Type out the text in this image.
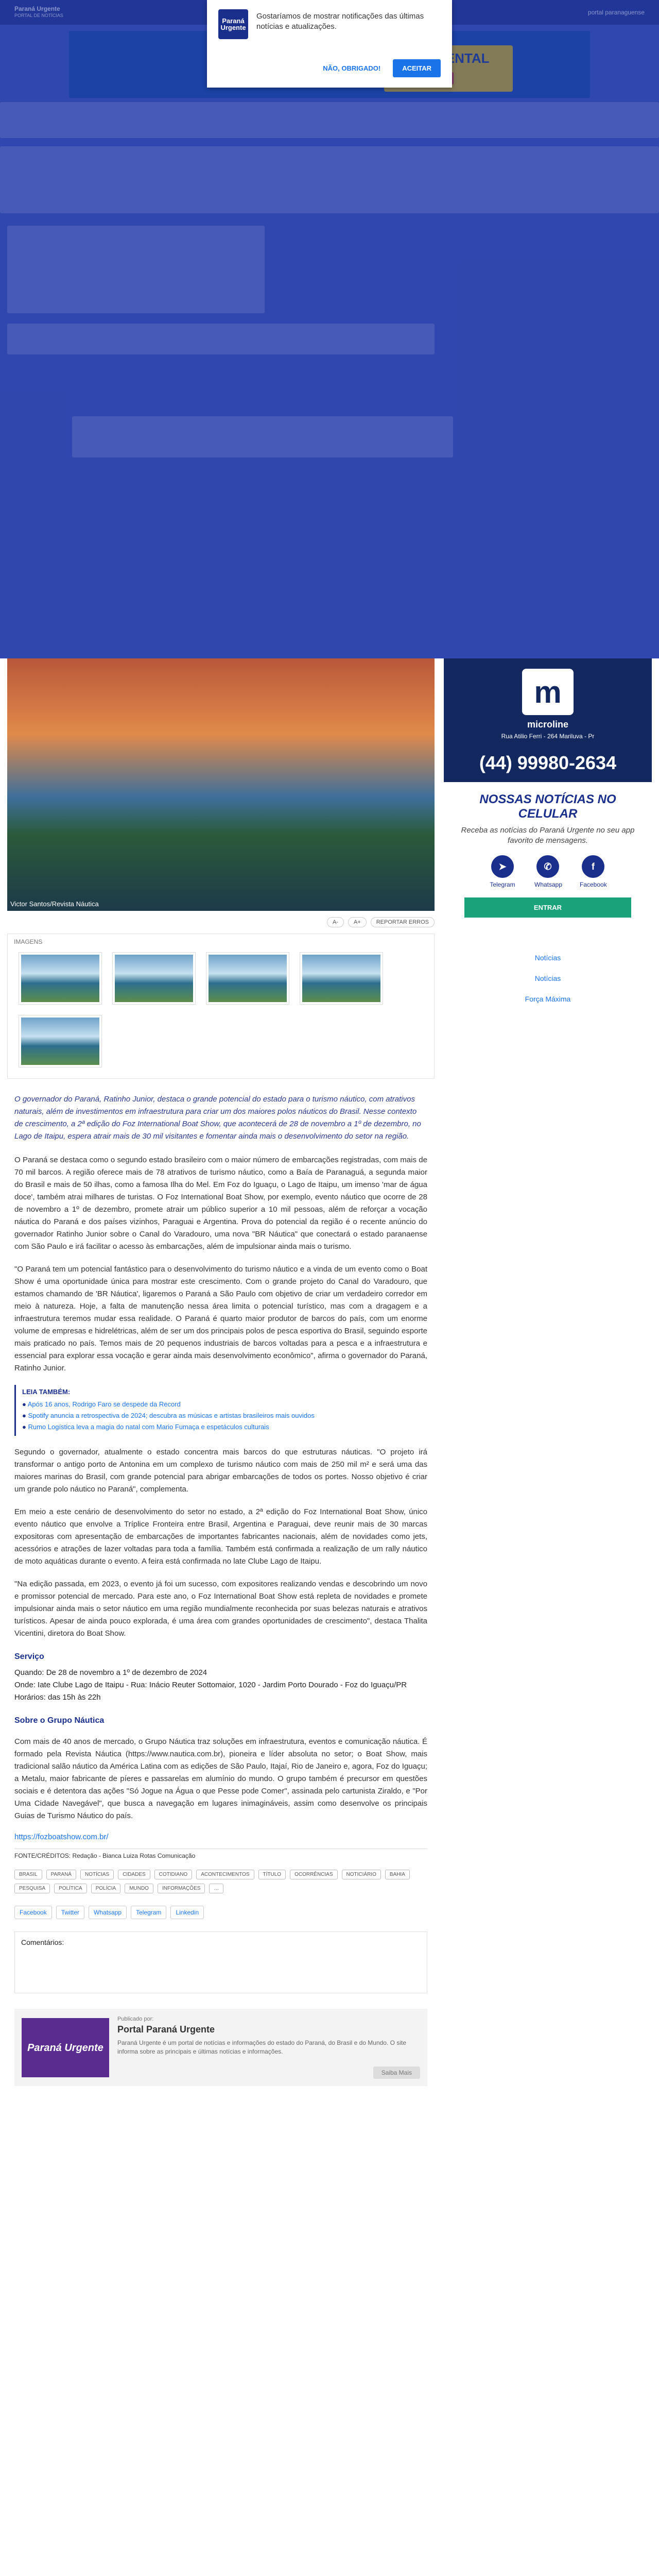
Paraná Urgente
Gostaríamos de mostrar notificações das últimas notícias e atualizações.
NÃO, OBRIGADO!	ACEITAR
Victor Santos/Revista Náutica
A-	A+	REPORTAR ERROS
IMAGENS

O governador do Paraná, Ratinho Junior, destaca o grande potencial do estado para o turismo náutico, com atrativos naturais, além de investimentos em infraestrutura para criar um dos maiores polos náuticos do Brasil. Nesse contexto de crescimento, a 2ª edição do Foz International Boat Show, que acontecerá de 28 de novembro a 1º de dezembro, no Lago de Itaipu, espera atrair mais de 30 mil visitantes e fomentar ainda mais o desenvolvimento do setor na região.

O Paraná se destaca como o segundo estado brasileiro com o maior número de embarcações registradas, com mais de 70 mil barcos. A região oferece mais de 78 atrativos de turismo náutico, como a Baía de Paranaguá, a segunda maior do Brasil e mais de 50 ilhas, como a famosa Ilha do Mel. Em Foz do Iguaçu, o Lago de Itaipu, um imenso 'mar de água doce', também atrai milhares de turistas. O Foz International Boat Show, por exemplo, evento náutico que ocorre de 28 de novembro a 1º de dezembro, promete atrair um público superior a 10 mil pessoas, além de reforçar a vocação náutica do Paraná e dos países vizinhos, Paraguai e Argentina. Prova do potencial da região é o recente anúncio do governador Ratinho Junior sobre o Canal do Varadouro, uma nova "BR Náutica" que conectará o estado paranaense com São Paulo e irá facilitar o acesso às embarcações, além de impulsionar ainda mais o turismo.

"O Paraná tem um potencial fantástico para o desenvolvimento do turismo náutico e a vinda de um evento como o Boat Show é uma oportunidade única para mostrar este crescimento. Com o grande projeto do Canal do Varadouro, que estamos chamando de 'BR Náutica', ligaremos o Paraná a São Paulo com objetivo de criar um verdadeiro corredor em meio à natureza. Hoje, a falta de manutenção nessa área limita o potencial turístico, mas com a dragagem e a infraestrutura teremos mudar essa realidade. O Paraná é quarto maior produtor de barcos do país, com um enorme volume de empresas e hidrelétricas, além de ser um dos principais polos de pesca esportiva do Brasil, seguindo esporte mais praticado no país. Temos mais de 20 pequenos industriais de barcos voltadas para a pesca e a infraestrutura e essencial para explorar essa vocação e gerar ainda mais desenvolvimento econômico", afirma o governador do Paraná, Ratinho Junior.

LEIA TAMBÉM:
● Após 16 anos, Rodrigo Faro se despede da Record
● Spotify anuncia a retrospectiva de 2024; descubra as músicas e artistas brasileiros mais ouvidos
● Rumo Logística leva a magia do natal com Mario Fumaça e espetáculos culturais

Segundo o governador, atualmente o estado concentra mais barcos do que estruturas náuticas. "O projeto irá transformar o antigo porto de Antonina em um complexo de turismo náutico com mais de 250 mil m² e será uma das maiores marinas do Brasil, com grande potencial para abrigar embarcações de todos os portes. Nosso objetivo é criar um grande polo náutico no Paraná", complementa.

Em meio a este cenário de desenvolvimento do setor no estado, a 2ª edição do Foz International Boat Show, único evento náutico que envolve a Tríplice Fronteira entre Brasil, Argentina e Paraguai, deve reunir mais de 30 marcas expositoras com apresentação de embarcações de importantes fabricantes nacionais, além de novidades como jets, acessórios e atrações de lazer voltadas para toda a família. Também está confirmada a realização de um rally náutico de moto aquáticas durante o evento. A feira está confirmada no late Clube Lago de Itaipu.

"Na edição passada, em 2023, o evento já foi um sucesso, com expositores realizando vendas e descobrindo um novo e promissor potencial de mercado. Para este ano, o Foz International Boat Show está repleta de novidades e promete impulsionar ainda mais o setor náutico em uma região mundialmente reconhecida por suas belezas naturais e atrativos turísticos. Apesar de ainda pouco explorada, é uma área com grandes oportunidades de crescimento", destaca Thalita Vicentini, diretora do Boat Show.

Serviço

Quando: De 28 de novembro a 1º de dezembro de 2024

Onde: Iate Clube Lago de Itaipu - Rua: Inácio Reuter Sottomaior, 1020 - Jardim Porto Dourado - Foz do Iguaçu/PR

Horários: das 15h às 22h

Sobre o Grupo Náutica

Com mais de 40 anos de mercado, o Grupo Náutica traz soluções em infraestrutura, eventos e comunicação náutica. É formado pela Revista Náutica (https://www.nautica.com.br), pioneira e líder absoluta no setor; o Boat Show, mais tradicional salão náutico da América Latina com as edições de São Paulo, Itajaí, Rio de Janeiro e, agora, Foz do Iguaçu; a Metalu, maior fabricante de píeres e passarelas em alumínio do mundo. O grupo também é precursor em questões sociais e é detentora das ações "Só Jogue na Água o que Pesse pode Comer", assinada pelo cartunista Ziraldo, e "Por Uma Cidade Navegável", que busca a navegação em lugares inimagináveis, assim como desenvolve os principais Guias de Turismo Náutico do país.

https://fozboatshow.com.br/

FONTE/CRÉDITOS: Redação - Bianca Luiza Rotas Comunicação

BRASIL	PARANÁ	NOTÍCIAS	CIDADES	COTIDIANO	ACONTECIMENTOS	TÍTULO	OCORRÊNCIAS	NOTICIÁRIO	BAHIA
PESQUISA	POLÍTICA	POLÍCIA	MUNDO	INFORMAÇÕES	…
Facebook	Twitter	Whatsapp	Telegram	Linkedin
Comentários:
Paraná Urgente
Publicado por:
Portal Paraná Urgente
Paraná Urgente é um portal de notícias e informações do estado do Paraná, do Brasil e do Mundo. O site informa sobre as principais e últimas notícias e informações.
Saiba Mais
m
microline
Rua Atilio Ferri - 264 Mariluva - Pr
(44) 99980-2634
NOSSAS NOTÍCIAS NO CELULAR

Receba as notícias do Paraná Urgente no seu app favorito de mensagens.

➤
Telegram
✆
Whatsapp
f
Facebook
ENTRAR
Notícias
Notícias
Força Máxima
